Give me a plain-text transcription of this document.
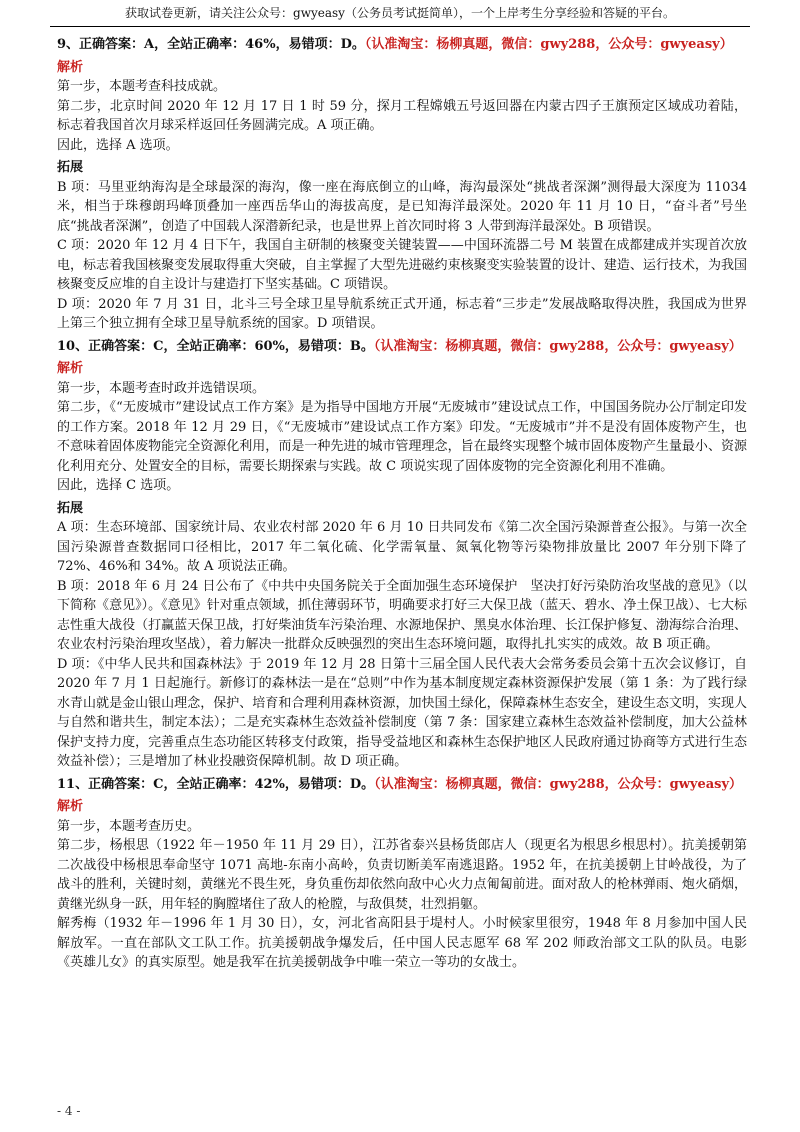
获取试卷更新，请关注公众号：gwyeasy（公务员考试挺简单），一个上岸考生分享经验和答疑的平台。
9、正确答案：A，全站正确率：46%，易错项：D。（认准淘宝：杨柳真题，微信：gwy288，公众号：gwyeasy）
解析

第一步，本题考查科技成就。

第二步，北京时间 2020 年 12 月 17 日 1 时 59 分，探月工程嫦娥五号返回器在内蒙古四子王旗预定区域成功着陆，标志着我国首次月球采样返回任务圆满完成。A 项正确。

因此，选择 A 选项。

拓展

B 项：马里亚纳海沟是全球最深的海沟，像一座在海底倒立的山峰，海沟最深处“挑战者深渊”测得最大深度为 11034 米，相当于珠穆朗玛峰顶叠加一座西岳华山的海拔高度，是已知海洋最深处。2020 年 11 月 10 日，“奋斗者”号坐底“挑战者深渊”，创造了中国载人深潜新纪录，也是世界上首次同时将 3 人带到海洋最深处。B 项错误。

C 项：2020 年 12 月 4 日下午，我国自主研制的核聚变关键装置——中国环流器二号 M 装置在成都建成并实现首次放电，标志着我国核聚变发展取得重大突破，自主掌握了大型先进磁约束核聚变实验装置的设计、建造、运行技术，为我国核聚变反应堆的自主设计与建造打下坚实基础。C 项错误。

D 项：2020 年 7 月 31 日，北斗三号全球卫星导航系统正式开通，标志着“三步走”发展战略取得决胜，我国成为世界上第三个独立拥有全球卫星导航系统的国家。D 项错误。

10、正确答案：C，全站正确率：60%，易错项：B。（认准淘宝：杨柳真题，微信：gwy288，公众号：gwyeasy）
解析

第一步，本题考查时政并选错误项。

第二步，《“无废城市”建设试点工作方案》是为指导中国地方开展“无废城市”建设试点工作，中国国务院办公厅制定印发的工作方案。2018 年 12 月 29 日，《“无废城市”建设试点工作方案》印发。“无废城市”并不是没有固体废物产生，也不意味着固体废物能完全资源化利用，而是一种先进的城市管理理念，旨在最终实现整个城市固体废物产生量最小、资源化利用充分、处置安全的目标，需要长期探索与实践。故 C 项说实现了固体废物的完全资源化利用不准确。

因此，选择 C 选项。

拓展

A 项：生态环境部、国家统计局、农业农村部 2020 年 6 月 10 日共同发布《第二次全国污染源普查公报》。与第一次全国污染源普查数据同口径相比，2017 年二氧化硫、化学需氧量、氮氧化物等污染物排放量比 2007 年分别下降了 72%、46%和 34%。故 A 项说法正确。

B 项：2018 年 6 月 24 日公布了《中共中央国务院关于全面加强生态环境保护　坚决打好污染防治攻坚战的意见》（以下简称《意见》）。《意见》针对重点领域，抓住薄弱环节，明确要求打好三大保卫战（蓝天、碧水、净土保卫战）、七大标志性重大战役（打赢蓝天保卫战，打好柴油货车污染治理、水源地保护、黑臭水体治理、长江保护修复、渤海综合治理、农业农村污染治理攻坚战），着力解决一批群众反映强烈的突出生态环境问题，取得扎扎实实的成效。故 B 项正确。

D 项：《中华人民共和国森林法》于 2019 年 12 月 28 日第十三届全国人民代表大会常务委员会第十五次会议修订，自 2020 年 7 月 1 日起施行。新修订的森林法一是在“总则”中作为基本制度规定森林资源保护发展（第 1 条：为了践行绿水青山就是金山银山理念，保护、培育和合理利用森林资源，加快国土绿化，保障森林生态安全，建设生态文明，实现人与自然和谐共生，制定本法）；二是充实森林生态效益补偿制度（第 7 条：国家建立森林生态效益补偿制度，加大公益林保护支持力度，完善重点生态功能区转移支付政策，指导受益地区和森林生态保护地区人民政府通过协商等方式进行生态效益补偿）；三是增加了林业投融资保障机制。故 D 项正确。

11、正确答案：C，全站正确率：42%，易错项：D。（认准淘宝：杨柳真题，微信：gwy288，公众号：gwyeasy）
解析

第一步，本题考查历史。

第二步，杨根思（1922 年－1950 年 11 月 29 日），江苏省泰兴县杨货郎店人（现更名为根思乡根思村）。抗美援朝第二次战役中杨根思奉命坚守 1071 高地-东南小高岭，负责切断美军南逃退路。1952 年，在抗美援朝上甘岭战役，为了战斗的胜利，关键时刻，黄继光不畏生死，身负重伤却依然向敌中心火力点匍匐前进。面对敌人的枪林弹雨、炮火硝烟，黄继光纵身一跃，用年轻的胸膛堵住了敌人的枪膛，与敌俱焚，壮烈捐躯。

解秀梅（1932 年－1996 年 1 月 30 日），女，河北省高阳县于堤村人。小时候家里很穷，1948 年 8 月参加中国人民解放军。一直在部队文工队工作。抗美援朝战争爆发后，任中国人民志愿军 68 军 202 师政治部文工队的队员。电影《英雄儿女》的真实原型。她是我军在抗美援朝战争中唯一荣立一等功的女战士。

- 4 -
